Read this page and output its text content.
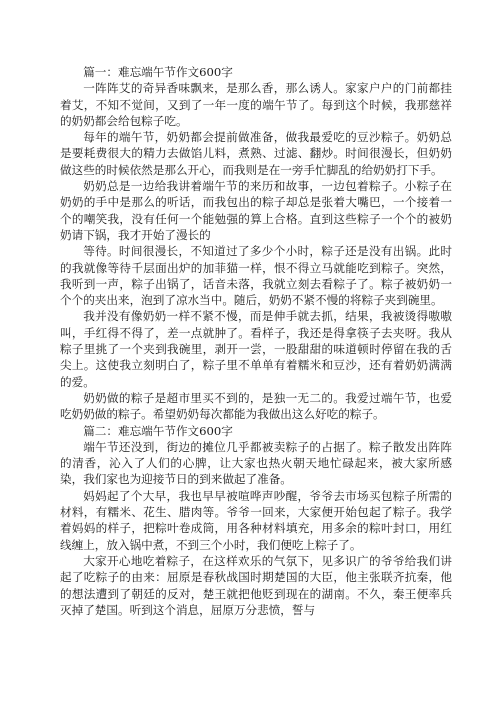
篇一：难忘端午节作文600字

一阵阵艾的奇异香味飘来，是那么香，那么诱人。家家户户的门前都挂着艾，不知不觉间，又到了一年一度的端午节了。每到这个时候，我那慈祥的奶奶都会给包粽子吃。

每年的端午节，奶奶都会提前做准备，做我最爱吃的豆沙粽子。奶奶总是要耗费很大的精力去做馅儿料，煮熟、过滤、翻炒。时间很漫长，但奶奶做这些的时候依然是那么开心，而我则是在一旁手忙脚乱的给奶奶打下手。

奶奶总是一边给我讲着端午节的来历和故事，一边包着粽子。小粽子在奶奶的手中是那么的听话，而我包出的粽子却总是张着大嘴巴，一个接着一个的嘲笑我，没有任何一个能勉强的算上合格。直到这些粽子一个个的被奶奶请下锅，我才开始了漫长的

等待。时间很漫长，不知道过了多少个小时，粽子还是没有出锅。此时的我就像等待千层面出炉的加菲猫一样，恨不得立马就能吃到粽子。突然，我听到一声，粽子出锅了，话音未落，我就立刻去看粽子了。粽子被奶奶一个个的夹出来，泡到了凉水当中。随后，奶奶不紧不慢的将粽子夹到碗里。

我并没有像奶奶一样不紧不慢，而是伸手就去抓，结果，我被烫得嗷嗷叫，手红得不得了，差一点就肿了。看样子，我还是得拿筷子去夹呀。我从粽子里挑了一个夹到我碗里，剥开一尝，一股甜甜的味道顿时停留在我的舌尖上。这使我立刻明白了，粽子里不单单有着糯米和豆沙，还有着奶奶满满的爱。

奶奶做的粽子是超市里买不到的，是独一无二的。我爱过端午节，也爱吃奶奶做的粽子。希望奶奶每次都能为我做出这么好吃的粽子。

篇二：难忘端午节作文600字

端午节还没到，街边的摊位几乎都被卖粽子的占据了。粽子散发出阵阵的清香，沁入了人们的心脾，让大家也热火朝天地忙碌起来，被大家所感染，我们家也为迎接节日的到来做起了准备。

妈妈起了个大早，我也早早被喧哗声吵醒，爷爷去市场买包粽子所需的材料，有糯米、花生、腊肉等。爷爷一回来，大家便开始包起了粽子。我学着妈妈的样子，把粽叶卷成筒，用各种材料填充，用多余的粽叶封口，用红线缠上，放入锅中煮，不到三个小时，我们便吃上粽子了。

大家开心地吃着粽子，在这样欢乐的气氛下，见多识广的爷爷给我们讲起了吃粽子的由来：屈原是春秋战国时期楚国的大臣，他主张联齐抗秦，他的想法遭到了朝廷的反对，楚王就把他贬到现在的湖南。不久，秦王便率兵灭掉了楚国。听到这个消息，屈原万分悲愤，誓与
